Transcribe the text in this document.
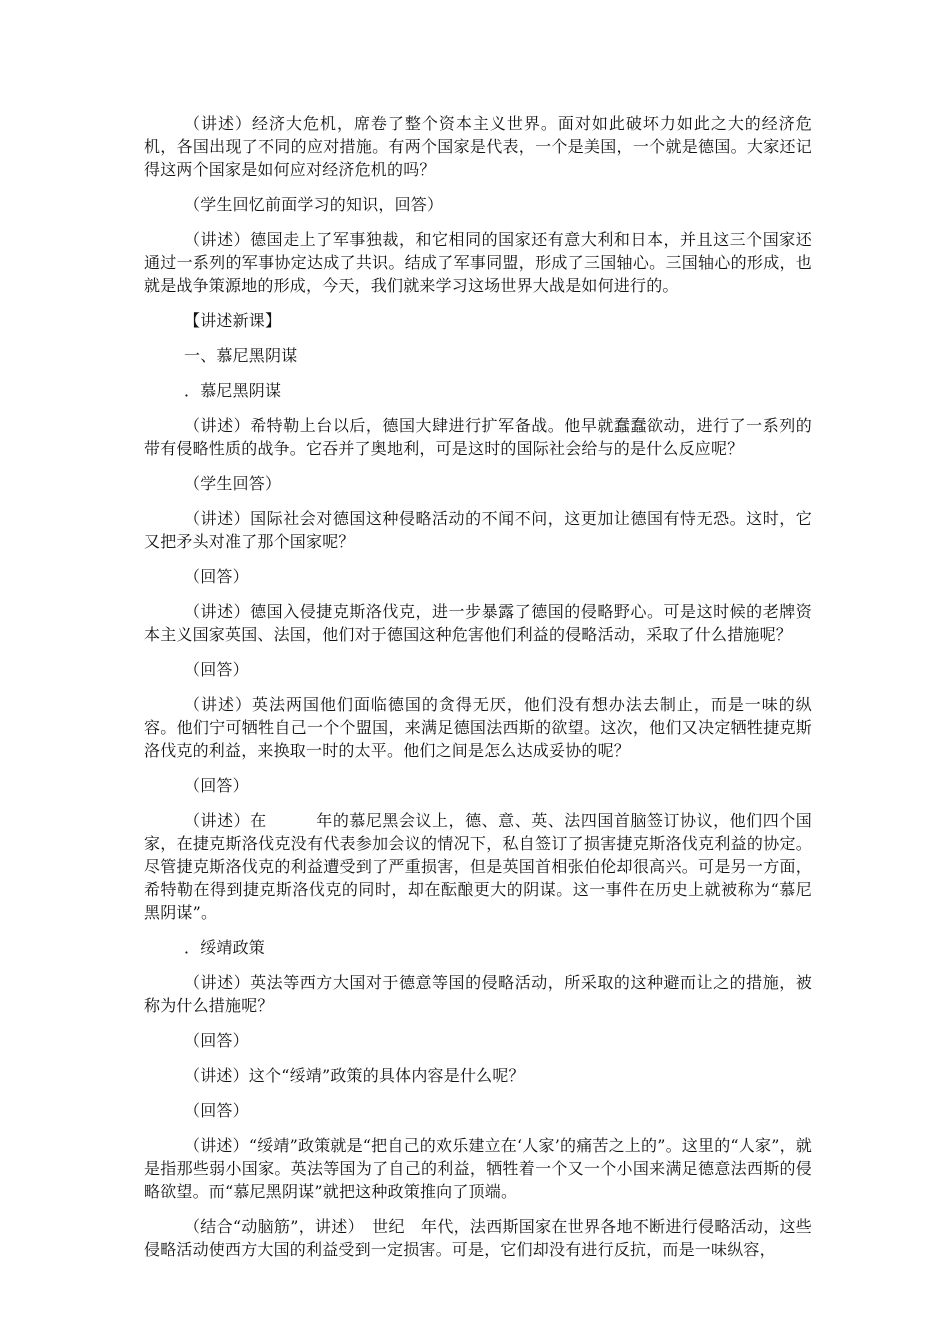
（讲述）经济大危机，席卷了整个资本主义世界。面对如此破坏力如此之大的经济危机，各国出现了不同的应对措施。有两个国家是代表，一个是美国，一个就是德国。大家还记得这两个国家是如何应对经济危机的吗？

（学生回忆前面学习的知识，回答）

（讲述）德国走上了军事独裁，和它相同的国家还有意大利和日本，并且这三个国家还通过一系列的军事协定达成了共识。结成了军事同盟，形成了三国轴心。三国轴心的形成，也就是战争策源地的形成，今天，我们就来学习这场世界大战是如何进行的。

【讲述新课】

一、慕尼黑阴谋

．慕尼黑阴谋

（讲述）希特勒上台以后，德国大肆进行扩军备战。他早就蠢蠢欲动，进行了一系列的带有侵略性质的战争。它吞并了奥地利，可是这时的国际社会给与的是什么反应呢？

（学生回答）

（讲述）国际社会对德国这种侵略活动的不闻不问，这更加让德国有恃无恐。这时，它又把矛头对准了那个国家呢？

（回答）

（讲述）德国入侵捷克斯洛伐克，进一步暴露了德国的侵略野心。可是这时候的老牌资本主义国家英国、法国，他们对于德国这种危害他们利益的侵略活动，采取了什么措施呢？

（回答）

（讲述）英法两国他们面临德国的贪得无厌，他们没有想办法去制止，而是一味的纵容。他们宁可牺牲自己一个个盟国，来满足德国法西斯的欲望。这次，他们又决定牺牲捷克斯洛伐克的利益，来换取一时的太平。他们之间是怎么达成妥协的呢？

（回答）

（讲述）在　　　年的慕尼黑会议上，德、意、英、法四国首脑签订协议，他们四个国家，在捷克斯洛伐克没有代表参加会议的情况下，私自签订了损害捷克斯洛伐克利益的协定。尽管捷克斯洛伐克的利益遭受到了严重损害，但是英国首相张伯伦却很高兴。可是另一方面，希特勒在得到捷克斯洛伐克的同时，却在酝酿更大的阴谋。这一事件在历史上就被称为“慕尼黑阴谋”。

．绥靖政策

（讲述）英法等西方大国对于德意等国的侵略活动，所采取的这种避而让之的措施，被称为什么措施呢？

（回答）

（讲述）这个“绥靖”政策的具体内容是什么呢？

（回答）

（讲述）“绥靖”政策就是“把自己的欢乐建立在‘人家’的痛苦之上的”。这里的“人家”，就是指那些弱小国家。英法等国为了自己的利益，牺牲着一个又一个小国来满足德意法西斯的侵略欲望。而“慕尼黑阴谋”就把这种政策推向了顶端。

（结合“动脑筋”，讲述）　世纪　年代，法西斯国家在世界各地不断进行侵略活动，这些侵略活动使西方大国的利益受到一定损害。可是，它们却没有进行反抗，而是一味纵容，
